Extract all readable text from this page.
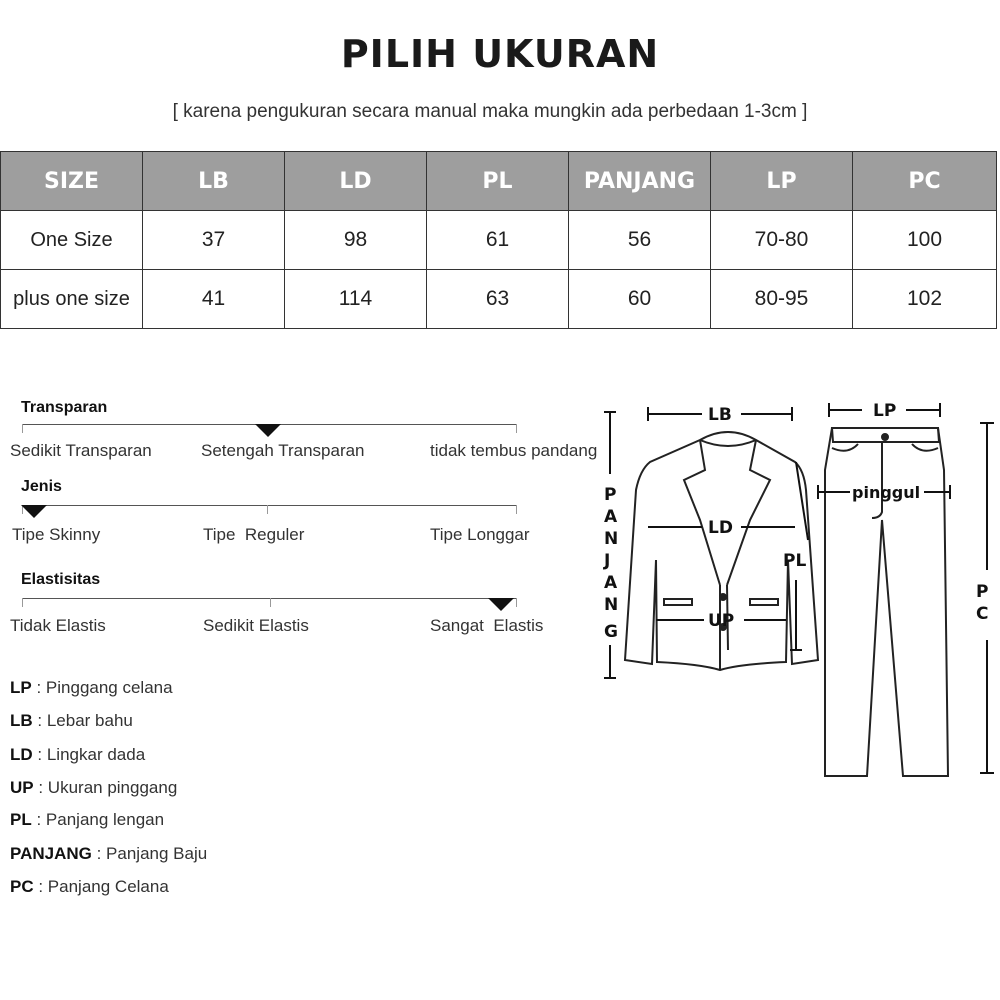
PILIH UKURAN
[ karena pengukuran secara manual maka mungkin ada perbedaan 1-3cm ]
SIZE	LB	LD	PL	PANJANG	LP	PC
One Size	37	98	61	56	70-80	100
plus one size	41	114	63	60	80-95	102
Transparan
Sedikit Transparan	Setengah Transparan	tidak tembus pandang
Jenis
Tipe Skinny	Tipe  Reguler	Tipe Longgar
Elastisitas
Tidak Elastis	Sedikit Elastis	Sangat  Elastis
LP : Pinggang celana
LB : Lebar bahu
LD : Lingkar dada
UP : Ukuran pinggang
PL : Panjang lengan
PANJANG : Panjang Baju
PC : Panjang Celana
LB
LD
UP
PL
LP
pinggul
P
A
N
J
A
N
G
P
C
